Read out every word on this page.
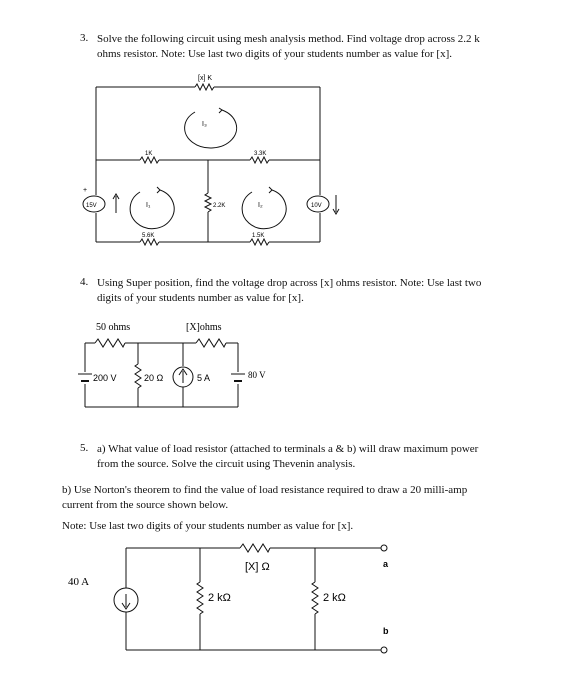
3. Solve the following circuit using mesh analysis method. Find voltage drop across 2.2 k
ohms resistor. Note: Use last two digits of your students number as value for [x].
4. Using Super position, find the voltage drop across [x] ohms resistor. Note: Use last two
digits of your students number as value for [x].
5. a) What value of load resistor (attached to terminals a & b) will draw maximum power
from the source. Solve the circuit using Thevenin analysis.
b) Use Norton's theorem to find the value of load resistance required to draw a 20 milli-amp
current from the source shown below.
Note: Use last two digits of your students number as value for [x].
[x] K
I₃
1K	3.3K
+
15V	I₁	2.2K	I₂	10V
5.6K	1.5K
50 ohms	[X]ohms
200 V	20 Ω	5 A	80 V
40 A
[X] Ω
2 kΩ	2 kΩ
a
b
